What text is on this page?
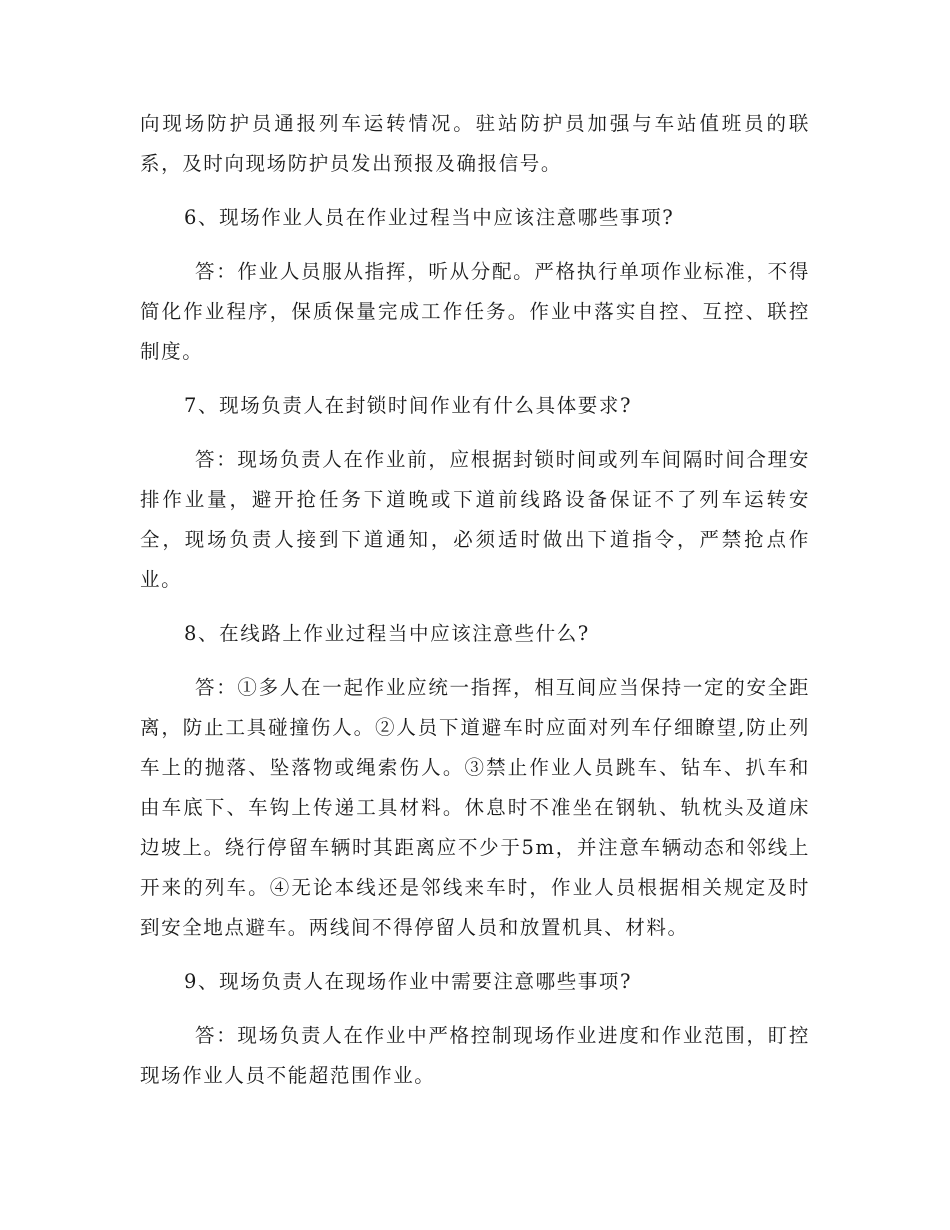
向现场防护员通报列车运转情况。驻站防护员加强与车站值班员的联系，及时向现场防护员发出预报及确报信号。

6、现场作业人员在作业过程当中应该注意哪些事项?

答：作业人员服从指挥，听从分配。严格执行单项作业标准，不得简化作业程序，保质保量完成工作任务。作业中落实自控、互控、联控制度。

7、现场负责人在封锁时间作业有什么具体要求?

答：现场负责人在作业前，应根据封锁时间或列车间隔时间合理安排作业量，避开抢任务下道晚或下道前线路设备保证不了列车运转安全，现场负责人接到下道通知，必须适时做出下道指令，严禁抢点作业。

8、在线路上作业过程当中应该注意些什么?

答：①多人在一起作业应统一指挥，相互间应当保持一定的安全距离，防止工具碰撞伤人。②人员下道避车时应面对列车仔细瞭望,防止列车上的抛落、坠落物或绳索伤人。③禁止作业人员跳车、钻车、扒车和由车底下、车钩上传递工具材料。休息时不准坐在钢轨、轨枕头及道床边坡上。绕行停留车辆时其距离应不少于5m，并注意车辆动态和邻线上开来的列车。④无论本线还是邻线来车时，作业人员根据相关规定及时到安全地点避车。两线间不得停留人员和放置机具、材料。

9、现场负责人在现场作业中需要注意哪些事项?

答：现场负责人在作业中严格控制现场作业进度和作业范围，盯控现场作业人员不能超范围作业。
